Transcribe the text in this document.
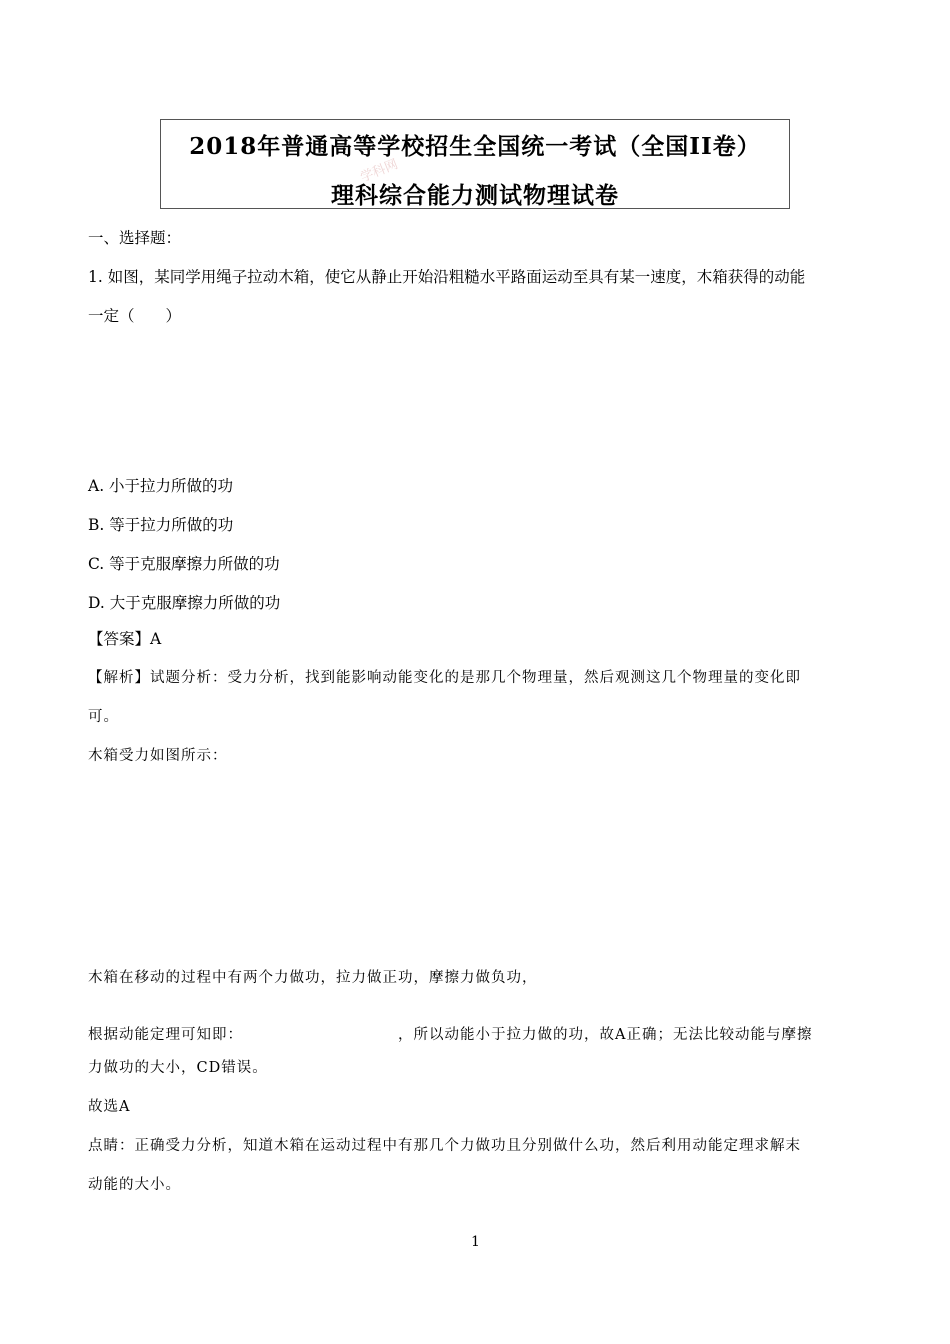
学科网
2018年普通高等学校招生全国统一考试（全国II卷）
理科综合能力测试物理试卷
一、选择题：
1. 如图，某同学用绳子拉动木箱，使它从静止开始沿粗糙水平路面运动至具有某一速度，木箱获得的动能
一定（　　）
A. 小于拉力所做的功
B. 等于拉力所做的功
C. 等于克服摩擦力所做的功
D. 大于克服摩擦力所做的功
【答案】A
【解析】试题分析：受力分析，找到能影响动能变化的是那几个物理量，然后观测这几个物理量的变化即
可。
木箱受力如图所示：
木箱在移动的过程中有两个力做功，拉力做正功，摩擦力做负功，
根据动能定理可知即：	，所以动能小于拉力做的功，故A正确；无法比较动能与摩擦
力做功的大小，CD错误。
故选A
点睛：正确受力分析，知道木箱在运动过程中有那几个力做功且分别做什么功，然后利用动能定理求解末
动能的大小。
1
